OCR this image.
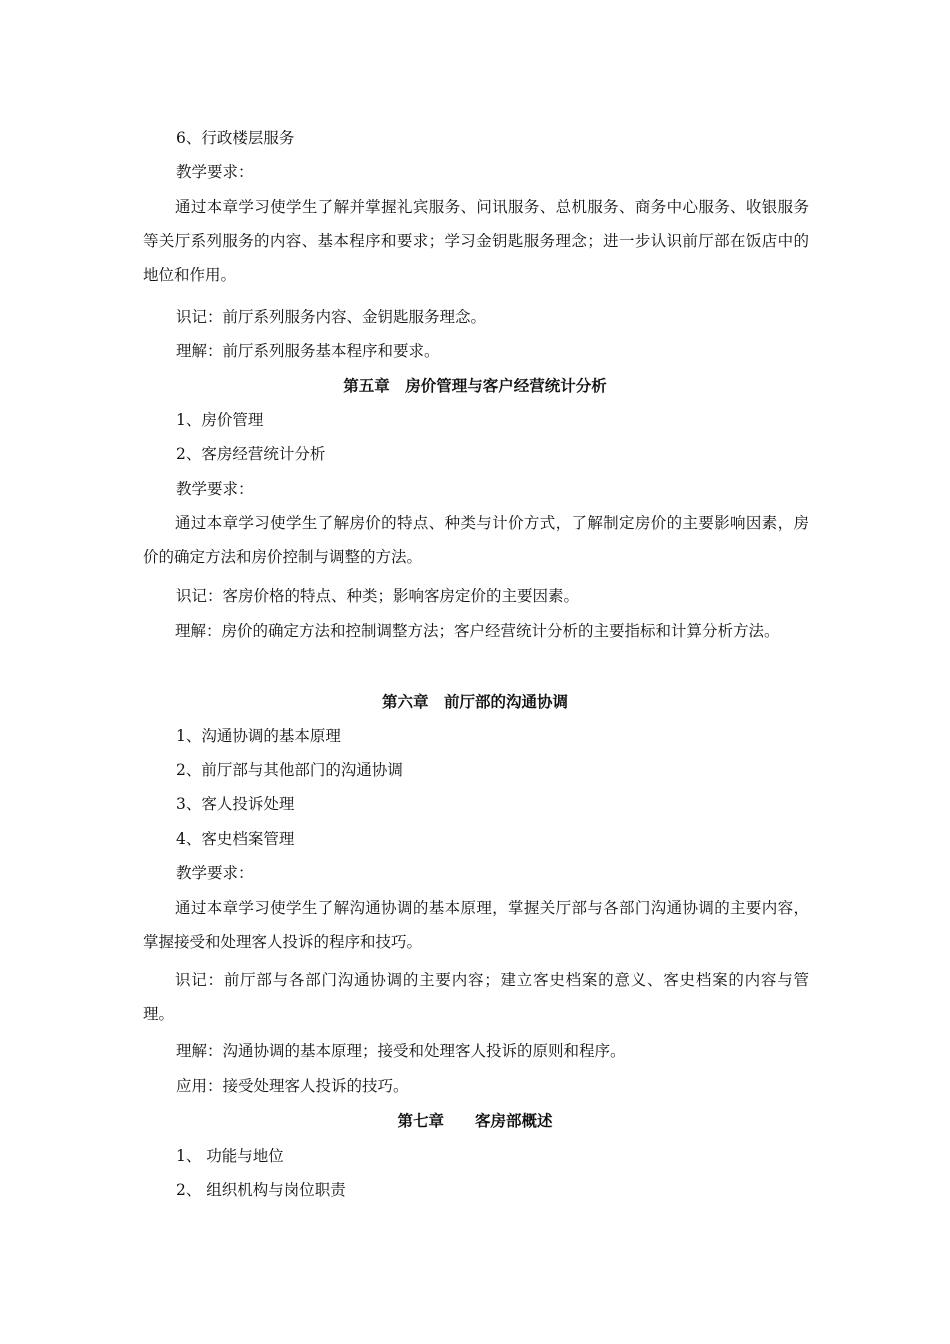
6、行政楼层服务

教学要求：

通过本章学习使学生了解并掌握礼宾服务、问讯服务、总机服务、商务中心服务、收银服务等关厅系列服务的内容、基本程序和要求；学习金钥匙服务理念；进一步认识前厅部在饭店中的地位和作用。

识记：前厅系列服务内容、金钥匙服务理念。

理解：前厅系列服务基本程序和要求。

第五章　房价管理与客户经营统计分析

1、房价管理

2、客房经营统计分析

教学要求：

通过本章学习使学生了解房价的特点、种类与计价方式，了解制定房价的主要影响因素，房价的确定方法和房价控制与调整的方法。

识记：客房价格的特点、种类；影响客房定价的主要因素。

理解：房价的确定方法和控制调整方法；客户经营统计分析的主要指标和计算分析方法。

第六章　前厅部的沟通协调

1、沟通协调的基本原理

2、前厅部与其他部门的沟通协调

3、客人投诉处理

4、客史档案管理

教学要求：

通过本章学习使学生了解沟通协调的基本原理，掌握关厅部与各部门沟通协调的主要内容，掌握接受和处理客人投诉的程序和技巧。

识记：前厅部与各部门沟通协调的主要内容；建立客史档案的意义、客史档案的内容与管理。

理解：沟通协调的基本原理；接受和处理客人投诉的原则和程序。

应用：接受处理客人投诉的技巧。

第七章　　客房部概述

1、 功能与地位

2、 组织机构与岗位职责
